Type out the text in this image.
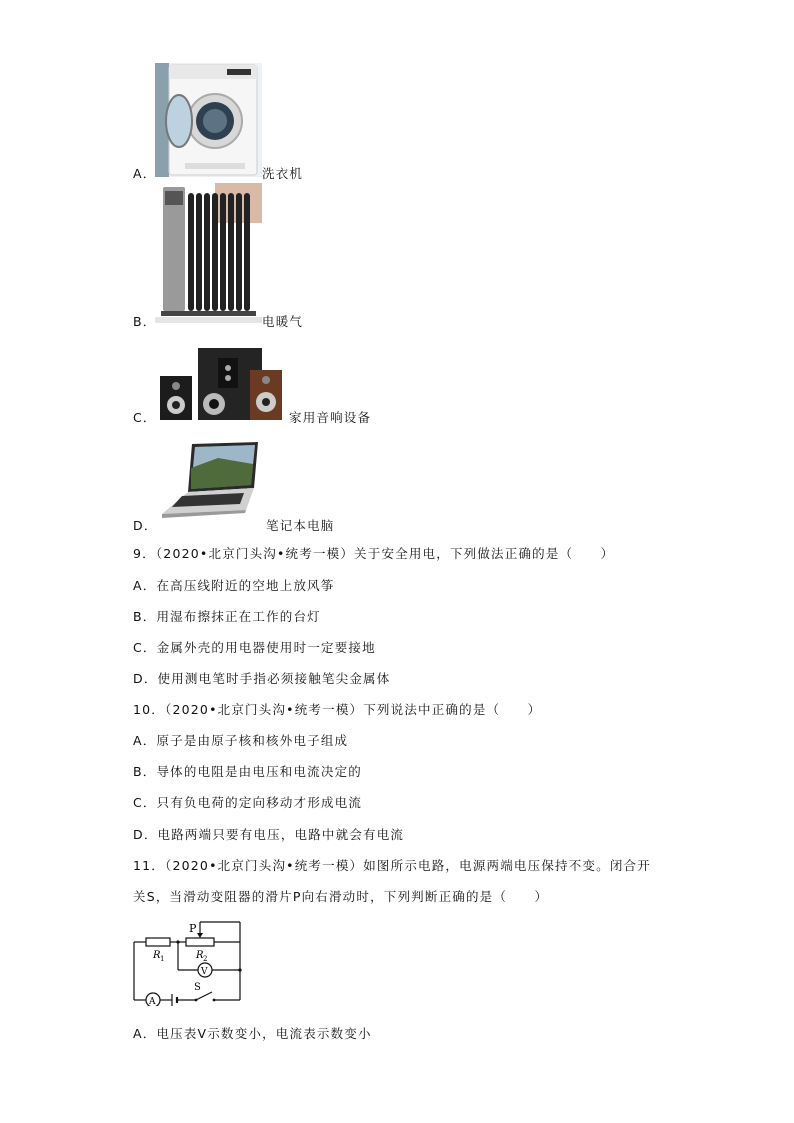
A．	洗衣机
B．	电暖气
C．	家用音响设备
D．	笔记本电脑
9．（2020•北京门头沟•统考一模）关于安全用电，下列做法正确的是（　　）
A．在高压线附近的空地上放风筝
B．用湿布擦抹正在工作的台灯
C．金属外壳的用电器使用时一定要接地
D．使用测电笔时手指必须接触笔尖金属体
10．（2020•北京门头沟•统考一模）下列说法中正确的是（　　）
A．原子是由原子核和核外电子组成
B．导体的电阻是由电压和电流决定的
C．只有负电荷的定向移动才形成电流
D．电路两端只要有电压，电路中就会有电流
11．（2020•北京门头沟•统考一模）如图所示电路，电源两端电压保持不变。闭合开
关S，当滑动变阻器的滑片P向右滑动时，下列判断正确的是（　　）
P
R 1	R 2
V
A
S
A．电压表V示数变小，电流表示数变小
